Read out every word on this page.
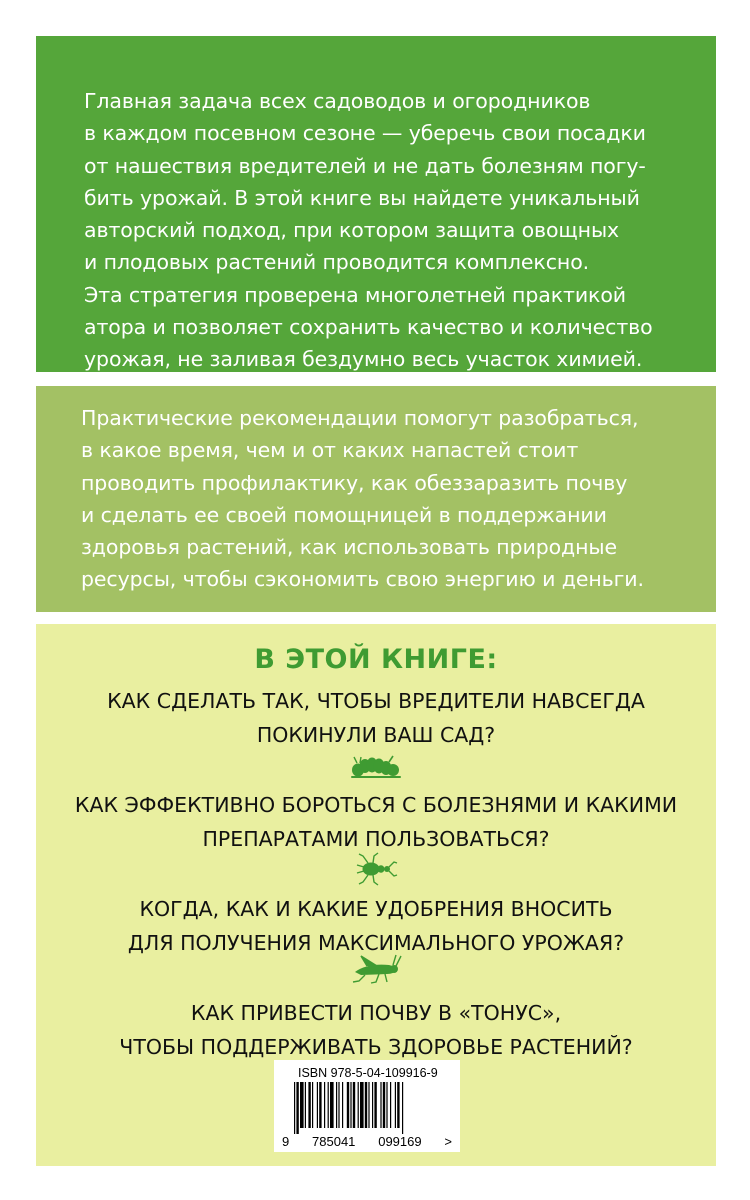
Главная задача всех садоводов и огородников
в каждом посевном сезоне — уберечь свои посадки
от нашествия вредителей и не дать болезням погу-
бить урожай. В этой книге вы найдете уникальный
авторский подход, при котором защита овощных
и плодовых растений проводится комплексно.
Эта стратегия проверена многолетней практикой
атора и позволяет сохранить качество и количество
урожая, не заливая бездумно весь участок химией.

Практические рекомендации помогут разобраться,
в какое время, чем и от каких напастей стоит
проводить профилактику, как обеззаразить почву
и сделать ее своей помощницей в поддержании
здоровья растений, как использовать природные
ресурсы, чтобы сэкономить свою энергию и деньги.

В ЭТОЙ КНИГЕ:
КАК СДЕЛАТЬ ТАК, ЧТОБЫ ВРЕДИТЕЛИ НАВСЕГДА
ПОКИНУЛИ ВАШ САД?
КАК ЭФФЕКТИВНО БОРОТЬСЯ С БОЛЕЗНЯМИ И КАКИМИ
ПРЕПАРАТАМИ ПОЛЬЗОВАТЬСЯ?
КОГДА, КАК И КАКИЕ УДОБРЕНИЯ ВНОСИТЬ
ДЛЯ ПОЛУЧЕНИЯ МАКСИМАЛЬНОГО УРОЖАЯ?
КАК ПРИВЕСТИ ПОЧВУ В «ТОНУС»,
ЧТОБЫ ПОДДЕРЖИВАТЬ ЗДОРОВЬЕ РАСТЕНИЙ?
ISBN 978-5-04-109916-9
9 785041 099169 >
